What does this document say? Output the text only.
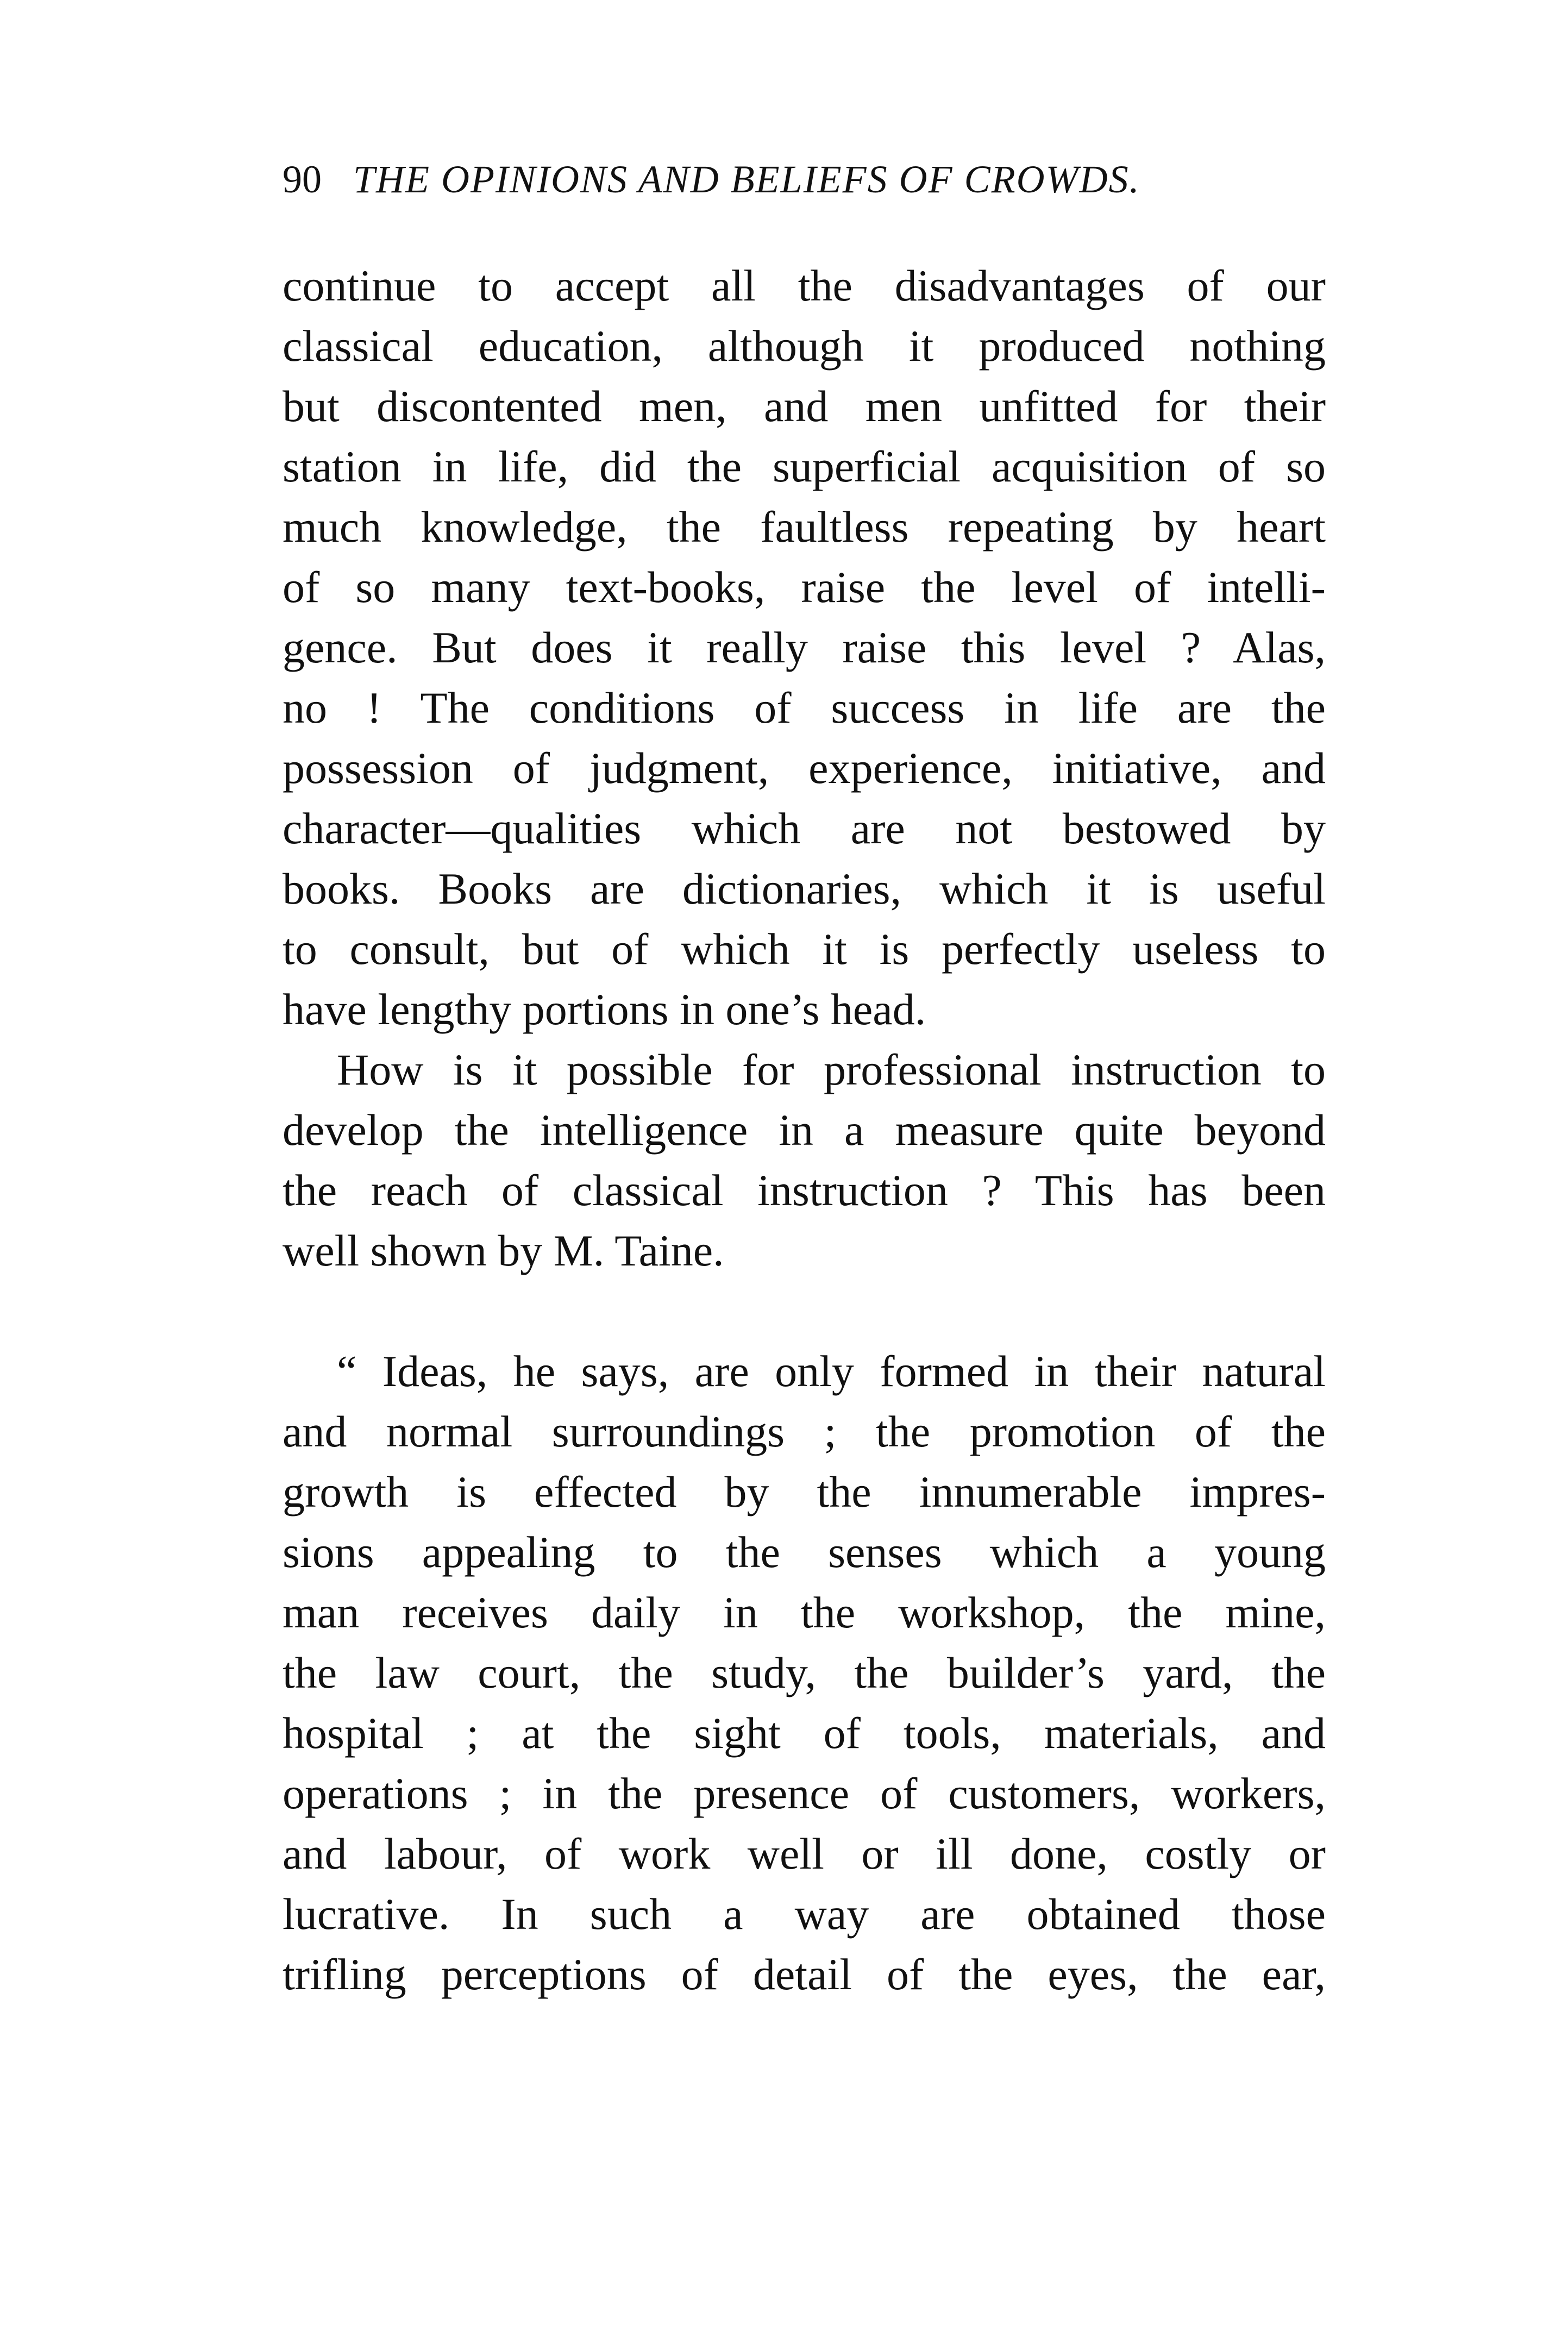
90 THE OPINIONS AND BELIEFS OF CROWDS.
continue to accept all the disadvantages of our
classical education, although it produced nothing
but discontented men, and men unfitted for their
station in life, did the superficial acquisition of so
much knowledge, the faultless repeating by heart
of so many text-books, raise the level of intelli-
gence. But does it really raise this level ? Alas,
no ! The conditions of success in life are the
possession of judgment, experience, initiative, and
character—qualities which are not bestowed by
books. Books are dictionaries, which it is useful
to consult, but of which it is perfectly useless to
have lengthy portions in one’s head.
How is it possible for professional instruction to
develop the intelligence in a measure quite beyond
the reach of classical instruction ? This has been
well shown by M. Taine.
“ Ideas, he says, are only formed in their natural
and normal surroundings ; the promotion of the
growth is effected by the innumerable impres-
sions appealing to the senses which a young
man receives daily in the workshop, the mine,
the law court, the study, the builder’s yard, the
hospital ; at the sight of tools, materials, and
operations ; in the presence of customers, workers,
and labour, of work well or ill done, costly or
lucrative. In such a way are obtained those
trifling perceptions of detail of the eyes, the ear,
